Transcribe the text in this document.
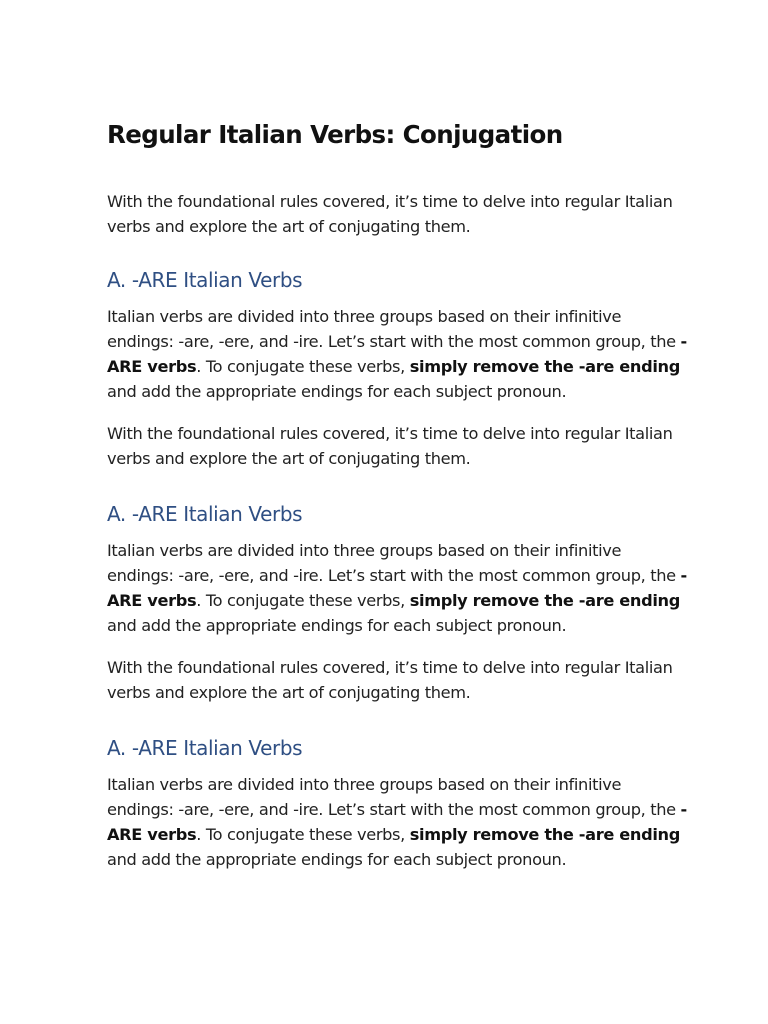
Regular Italian Verbs: Conjugation

With the foundational rules covered, it’s time to delve into regular Italian verbs and explore the art of conjugating them.

A. -ARE Italian Verbs

Italian verbs are divided into three groups based on their infinitive endings: -are, -ere, and -ire. Let’s start with the most common group, the -ARE verbs. To conjugate these verbs, simply remove the -are ending and add the appropriate endings for each subject pronoun.

With the foundational rules covered, it’s time to delve into regular Italian verbs and explore the art of conjugating them.

A. -ARE Italian Verbs

Italian verbs are divided into three groups based on their infinitive endings: -are, -ere, and -ire. Let’s start with the most common group, the -ARE verbs. To conjugate these verbs, simply remove the -are ending and add the appropriate endings for each subject pronoun.

With the foundational rules covered, it’s time to delve into regular Italian verbs and explore the art of conjugating them.

A. -ARE Italian Verbs

Italian verbs are divided into three groups based on their infinitive endings: -are, -ere, and -ire. Let’s start with the most common group, the -ARE verbs. To conjugate these verbs, simply remove the -are ending and add the appropriate endings for each subject pronoun.
